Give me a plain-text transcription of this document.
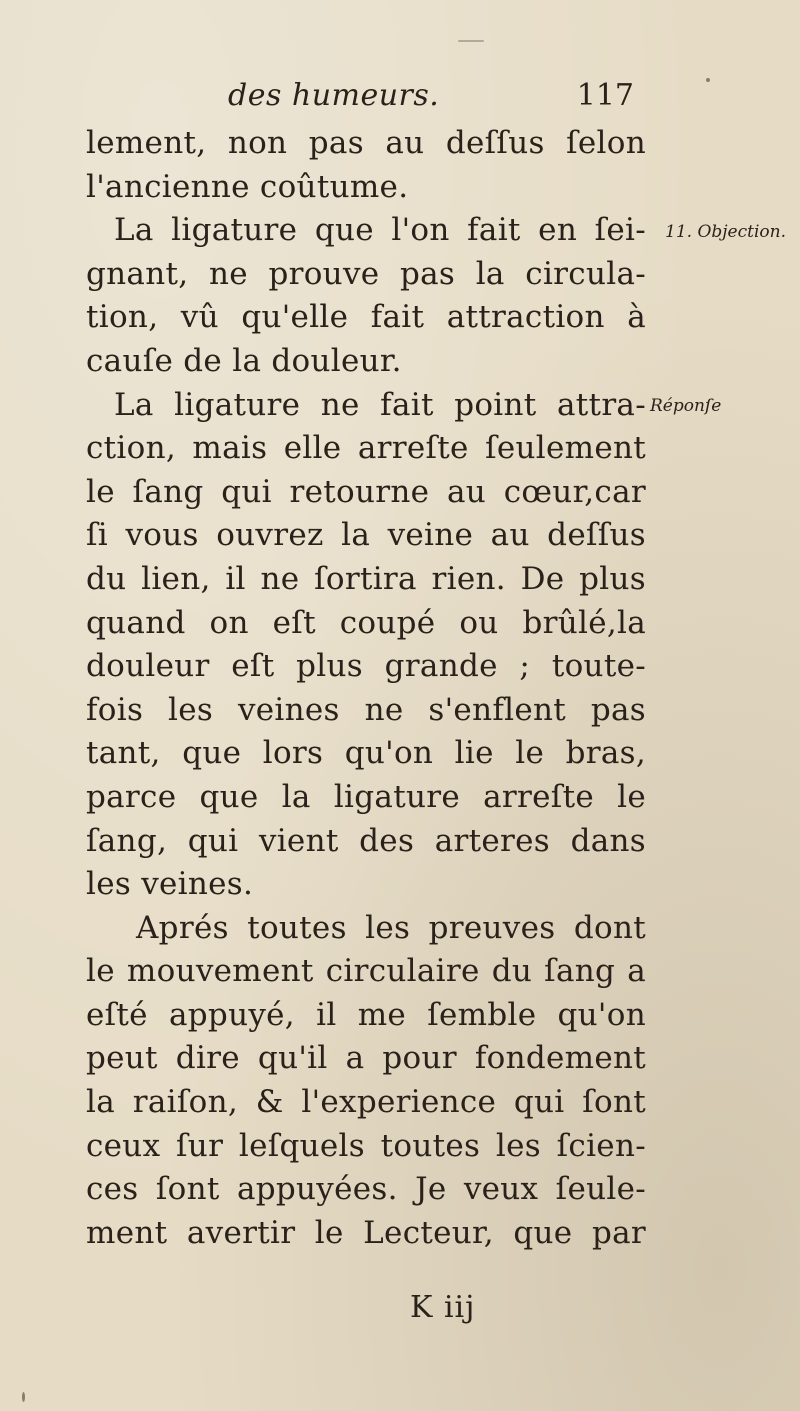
des humeurs.	117
lement, non pas au deſſus ſelon
l'ancienne coûtume.
La ligature que l'on fait en ſei-
gnant, ne prouve pas la circula-
tion, vû qu'elle fait attraction à
cauſe de la douleur.
La ligature ne fait point attra-
ction, mais elle arreſte ſeulement
le ſang qui retourne au cœur,car
ſi vous ouvrez la veine au deſſus
du lien, il ne ſortira rien. De plus
quand on eſt coupé ou brûlé,la
douleur eſt plus grande ; toute-
fois les veines ne s'enflent pas
tant, que lors qu'on lie le bras,
parce que la ligature arreſte le
ſang, qui vient des arteres dans
les veines.
Aprés toutes les preuves dont
le mouvement circulaire du ſang a
eſté appuyé, il me ſemble qu'on
peut dire qu'il a pour fondement
la raiſon, & l'experience qui ſont
ceux ſur leſquels toutes les ſcien-
ces ſont appuyées. Je veux ſeule-
ment avertir le Lecteur, que par
11. Objection.
Réponſe
K iij
